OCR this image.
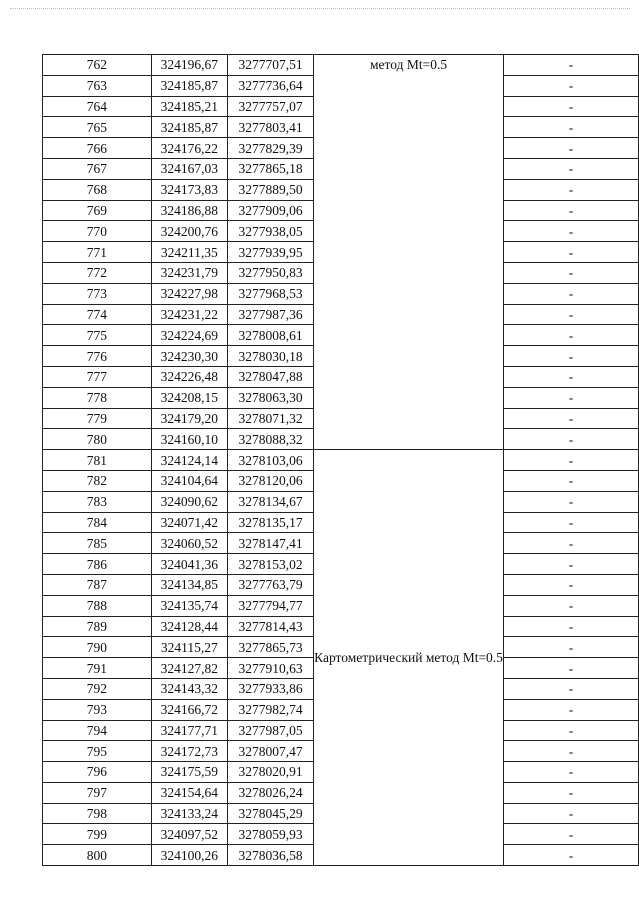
762	324196,67	3277707,51	метод Mt=0.5	-
763	324185,87	3277736,64		-
764	324185,21	3277757,07		-
765	324185,87	3277803,41		-
766	324176,22	3277829,39		-
767	324167,03	3277865,18		-
768	324173,83	3277889,50		-
769	324186,88	3277909,06		-
770	324200,76	3277938,05		-
771	324211,35	3277939,95		-
772	324231,79	3277950,83		-
773	324227,98	3277968,53		-
774	324231,22	3277987,36		-
775	324224,69	3278008,61		-
776	324230,30	3278030,18		-
777	324226,48	3278047,88		-
778	324208,15	3278063,30		-
779	324179,20	3278071,32		-
780	324160,10	3278088,32		-
781	324124,14	3278103,06	Картометрический метод Mt=0.5	-
782	324104,64	3278120,06		-
783	324090,62	3278134,67		-
784	324071,42	3278135,17		-
785	324060,52	3278147,41		-
786	324041,36	3278153,02		-
787	324134,85	3277763,79		-
788	324135,74	3277794,77		-
789	324128,44	3277814,43		-
790	324115,27	3277865,73		-
791	324127,82	3277910,63		-
792	324143,32	3277933,86		-
793	324166,72	3277982,74		-
794	324177,71	3277987,05		-
795	324172,73	3278007,47		-
796	324175,59	3278020,91		-
797	324154,64	3278026,24		-
798	324133,24	3278045,29		-
799	324097,52	3278059,93		-
800	324100,26	3278036,58		-
